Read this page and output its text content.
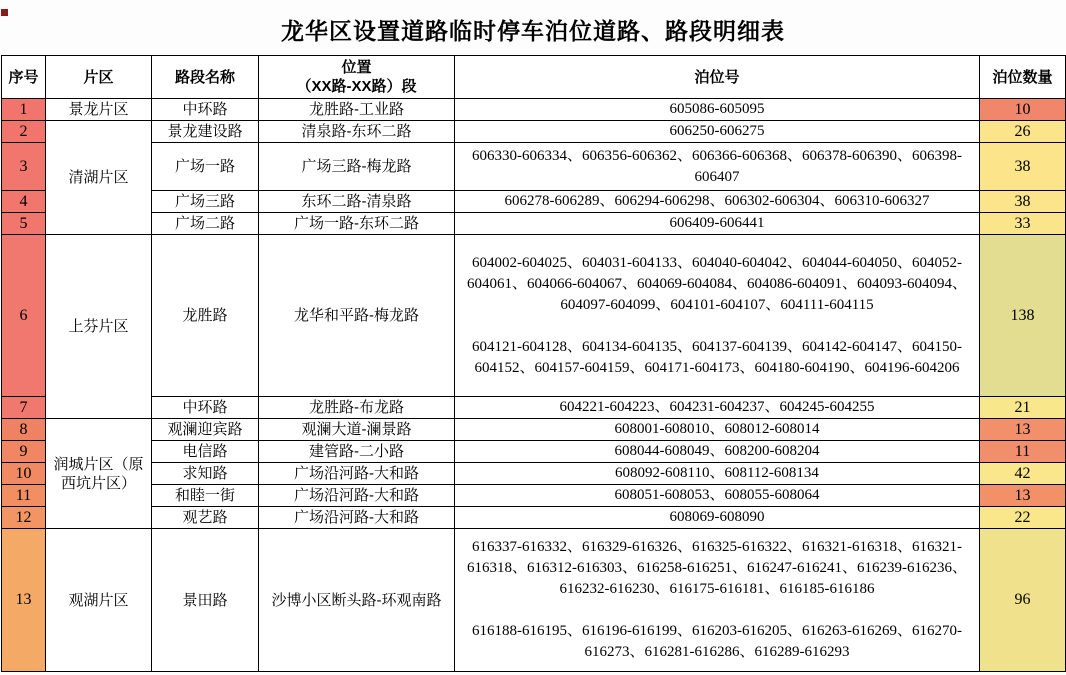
龙华区设置道路临时停车泊位道路、路段明细表
序号	片区	路段名称	位置
（XX路-XX路）段	泊位号	泊位数量
1	景龙片区	中环路	龙胜路-工业路	605086-605095	10
2	清湖片区	景龙建设路	清泉路-东环二路	606250-606275	26
3		广场一路	广场三路-梅龙路	606330-606334、606356-606362、606366-606368、606378-606390、606398-606407	38
4		广场三路	东环二路-清泉路	606278-606289、606294-606298、606302-606304、606310-606327	38
5		广场二路	广场一路-东环二路	606409-606441	33
6	上芬片区	龙胜路	龙华和平路-梅龙路	604002-604025、604031-604133、604040-604042、604044-604050、604052-604061、604066-604067、604069-604084、604086-604091、604093-604094、604097-604099、604101-604107、604111-604115
604121-604128、604134-604135、604137-604139、604142-604147、604150-604152、604157-604159、604171-604173、604180-604190、604196-604206	138
7		中环路	龙胜路-布龙路	604221-604223、604231-604237、604245-604255	21
8	润城片区（原西坑片区）	观澜迎宾路	观澜大道-澜景路	608001-608010、608012-608014	13
9		电信路	建管路-二小路	608044-608049、608200-608204	11
10		求知路	广场沿河路-大和路	608092-608110、608112-608134	42
11		和睦一街	广场沿河路-大和路	608051-608053、608055-608064	13
12		观艺路	广场沿河路-大和路	608069-608090	22
13	观湖片区	景田路	沙博小区断头路-环观南路	616337-616332、616329-616326、616325-616322、616321-616318、616321-616318、616312-616303、616258-616251、616247-616241、616239-616236、616232-616230、616175-616181、616185-616186
616188-616195、616196-616199、616203-616205、616263-616269、616270-616273、616281-616286、616289-616293	96
